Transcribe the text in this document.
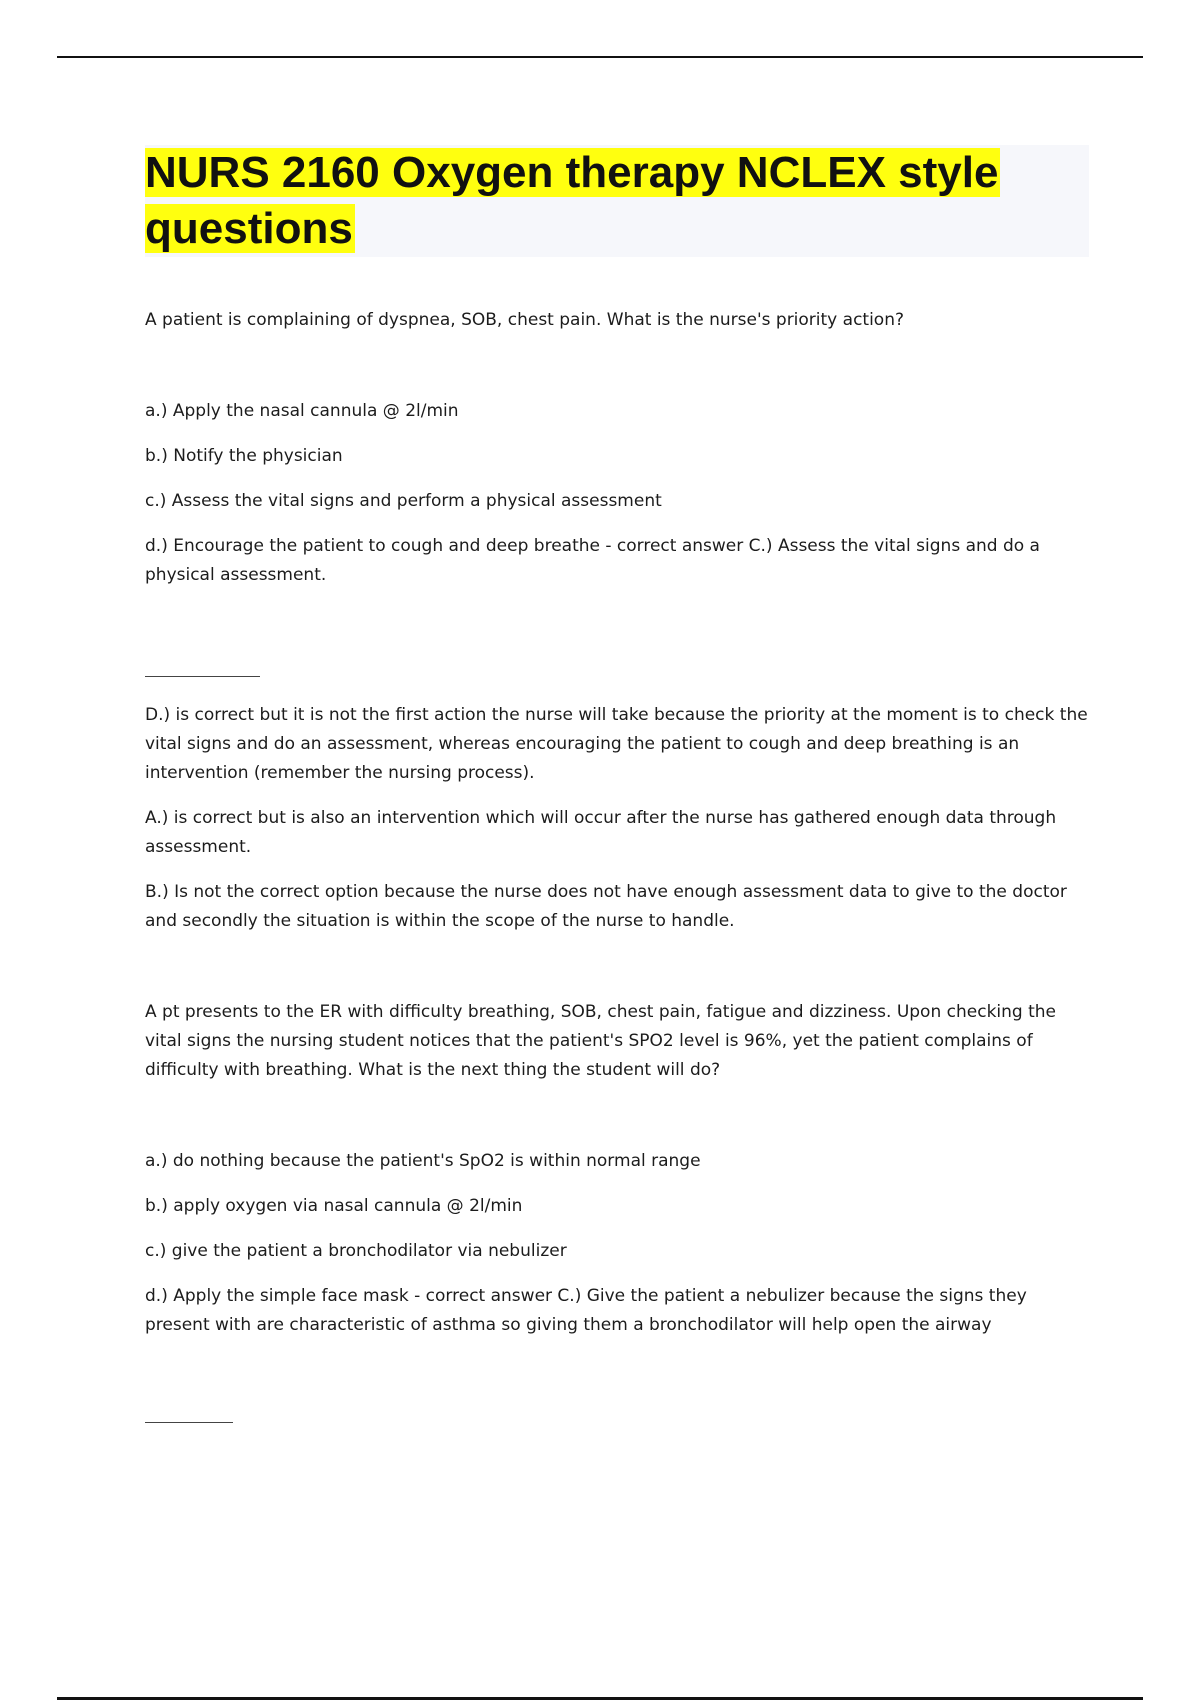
NURS 2160 Oxygen therapy NCLEX style questions

A patient is complaining of dyspnea, SOB, chest pain. What is the nurse's priority action?

a.) Apply the nasal cannula @ 2l/min

b.) Notify the physician

c.) Assess the vital signs and perform a physical assessment

d.) Encourage the patient to cough and deep breathe - correct answer C.) Assess the vital signs and do a physical assessment.

D.) is correct but it is not the first action the nurse will take because the priority at the moment is to check the vital signs and do an assessment, whereas encouraging the patient to cough and deep breathing is an intervention (remember the nursing process).

A.) is correct but is also an intervention which will occur after the nurse has gathered enough data through assessment.

B.) Is not the correct option because the nurse does not have enough assessment data to give to the doctor and secondly the situation is within the scope of the nurse to handle.

A pt presents to the ER with difficulty breathing, SOB, chest pain, fatigue and dizziness. Upon checking the vital signs the nursing student notices that the patient's SPO2 level is 96%, yet the patient complains of difficulty with breathing. What is the next thing the student will do?

a.) do nothing because the patient's SpO2 is within normal range

b.) apply oxygen via nasal cannula @ 2l/min

c.) give the patient a bronchodilator via nebulizer

d.) Apply the simple face mask - correct answer C.) Give the patient a nebulizer because the signs they present with are characteristic of asthma so giving them a bronchodilator will help open the airway
